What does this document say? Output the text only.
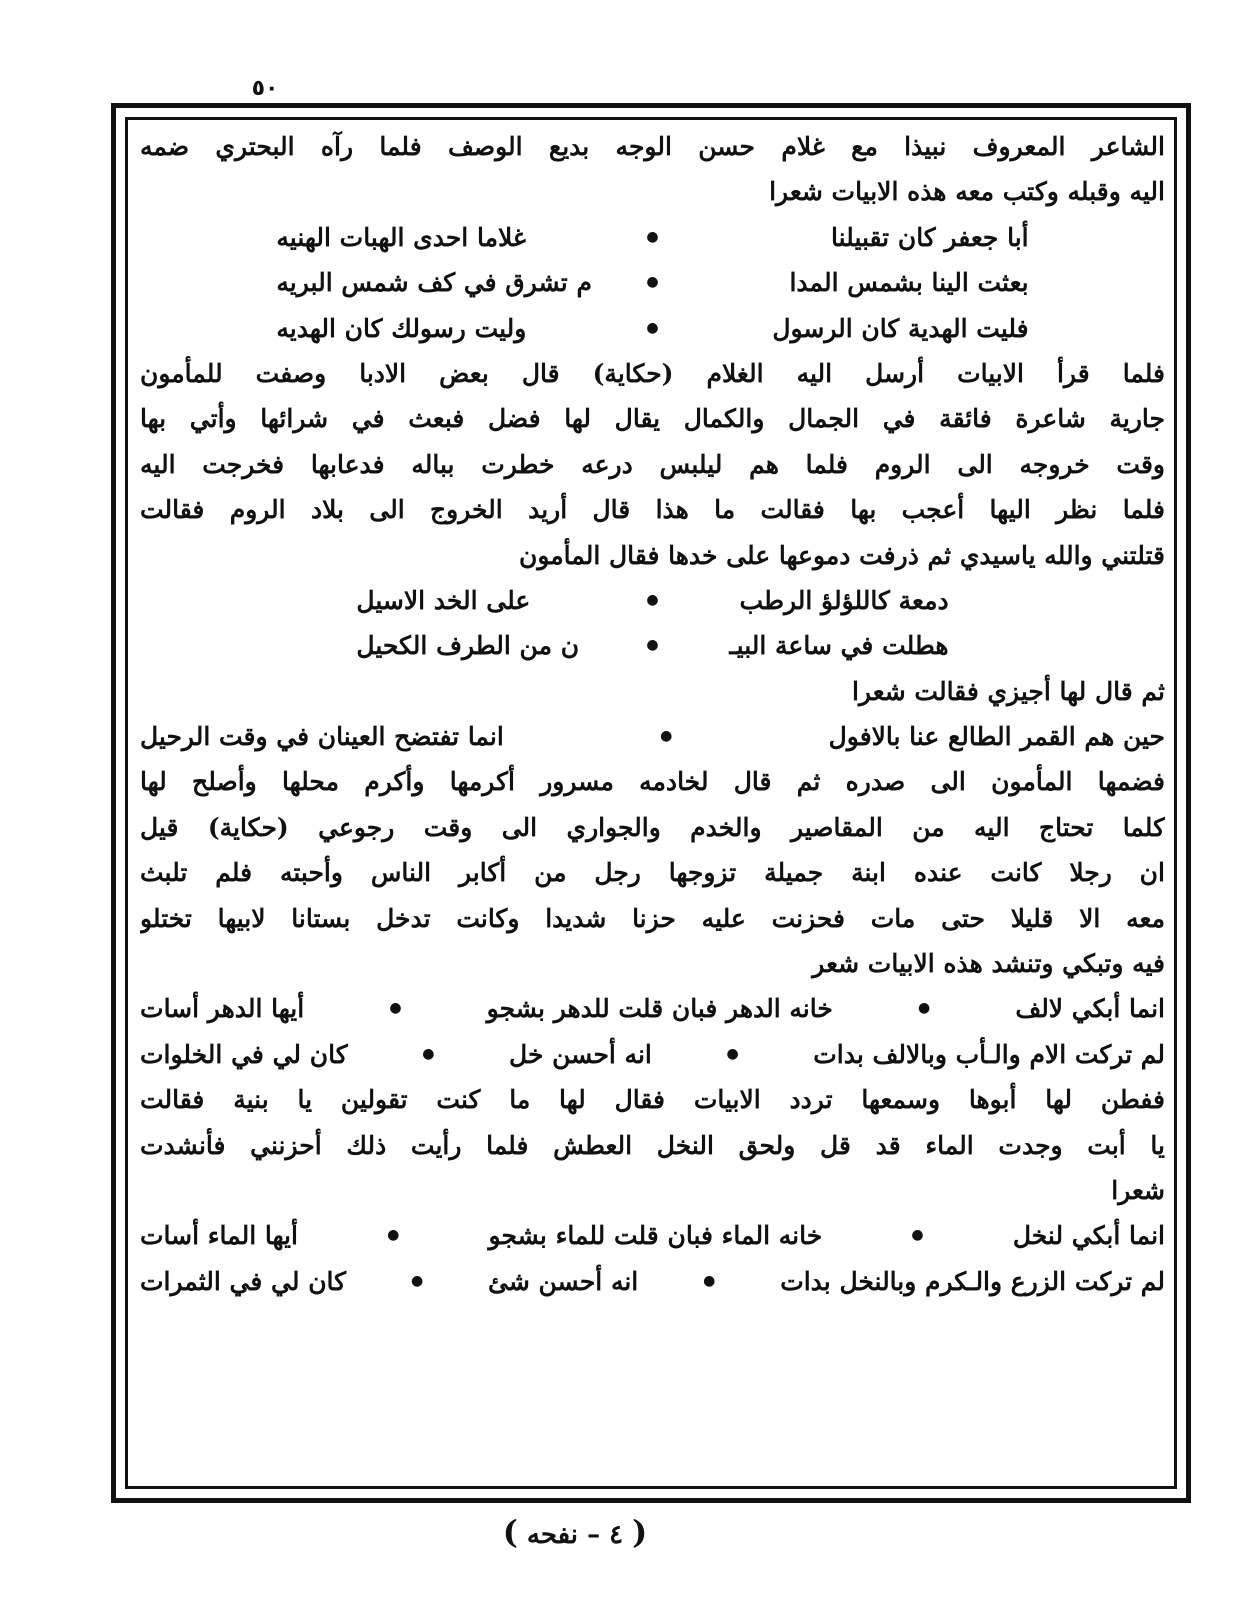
٥٠
الشاعر المعروف نبيذا مع غلام حسن الوجه بديع الوصف فلما رآه البحتري ضمه
اليه وقبله وكتب معه هذه الابيات شعرا
أبا جعفر كان تقبيلنا
●
غلاما احدى الهبات الهنيه
بعثت الينا بشمس المدا
●
م تشرق في كف شمس البريه
فليت الهدية كان الرسول
●
وليت رسولك كان الهديه
فلما قرأ الابيات أرسل اليه الغلام (حكاية) قال بعض الادبا وصفت للمأمون
جارية شاعرة فائقة في الجمال والكمال يقال لها فضل فبعث في شرائها وأتي بها
وقت خروجه الى الروم فلما هم ليلبس درعه خطرت بباله فدعابها فخرجت اليه
فلما نظر اليها أعجب بها فقالت ما هذا قال أريد الخروج الى بلاد الروم فقالت
قتلتني والله ياسيدي ثم ذرفت دموعها على خدها فقال المأمون
دمعة كاللؤلؤ الرطب
●
على الخد الاسيل
هطلت في ساعة البيـ
●
ن من الطرف الكحيل
ثم قال لها أجيزي فقالت شعرا
حين هم القمر الطالع عنا بالافول
●
انما تفتضح العينان في وقت الرحيل
فضمها المأمون الى صدره ثم قال لخادمه مسرور أكرمها وأكرم محلها وأصلح لها
كلما تحتاج اليه من المقاصير والخدم والجواري الى وقت رجوعي (حكاية) قيل
ان رجلا كانت عنده ابنة جميلة تزوجها رجل من أكابر الناس وأحبته فلم تلبث
معه الا قليلا حتى مات فحزنت عليه حزنا شديدا وكانت تدخل بستانا لابيها تختلو
فيه وتبكي وتنشد هذه الابيات شعر
انما أبكي لالف
●
خانه الدهر فبان قلت للدهر بشجو
●
أيها الدهر أسات
لم تركت الام والـأب وبالالف بدات
●
انه أحسن خل
●
كان لي في الخلوات
ففطن لها أبوها وسمعها تردد الابيات فقال لها ما كنت تقولين يا بنية فقالت
يا أبت وجدت الماء قد قل ولحق النخل العطش فلما رأيت ذلك أحزنني فأنشدت
شعرا
انما أبكي لنخل
●
خانه الماء فبان قلت للماء بشجو
●
أيها الماء أسات
لم تركت الزرع والـكرم وبالنخل بدات
●
انه أحسن شئ
●
كان لي في الثمرات
( ٤ – نفحه )
